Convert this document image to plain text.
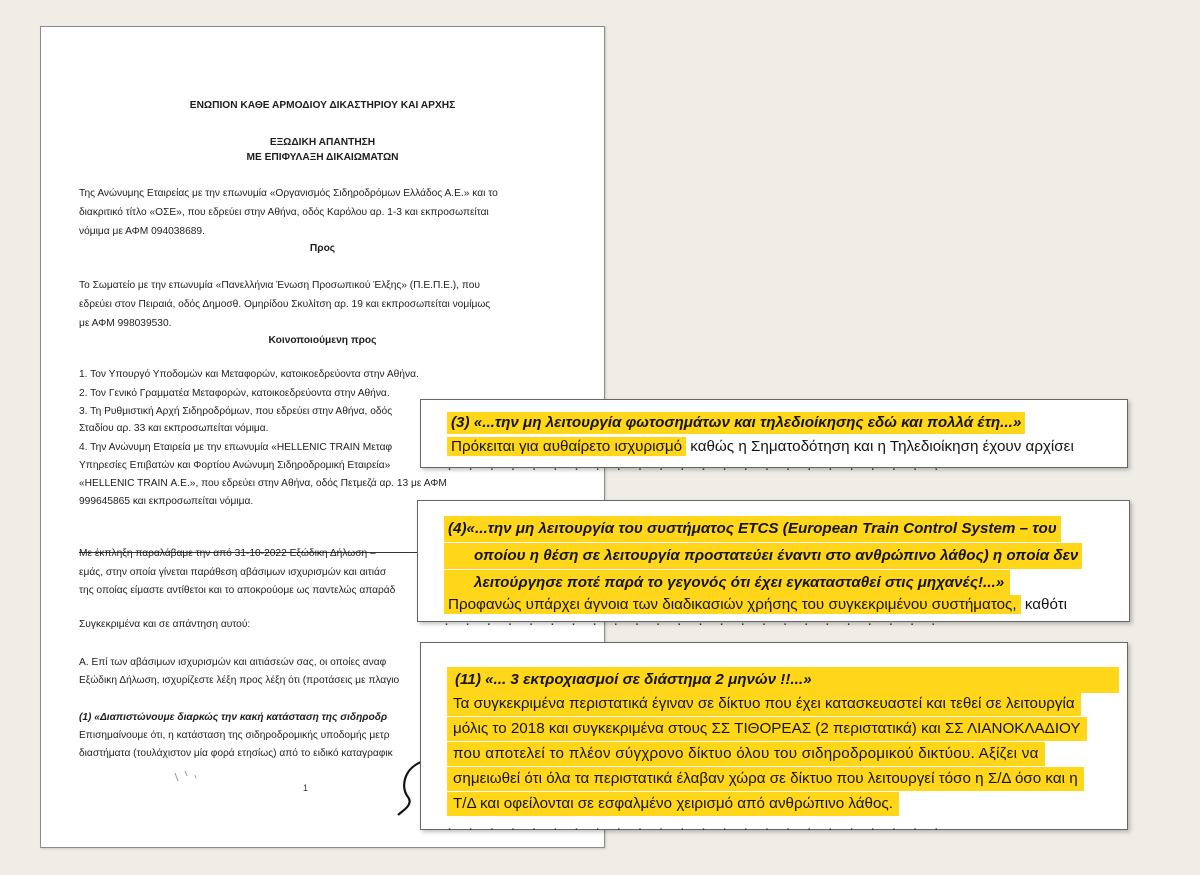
ΕΝΩΠΙΟΝ ΚΑΘΕ ΑΡΜΟΔΙΟΥ ΔΙΚΑΣΤΗΡΙΟΥ ΚΑΙ ΑΡΧΗΣ
ΕΞΩΔΙΚΗ ΑΠΑΝΤΗΣΗ
ΜΕ ΕΠΙΦΥΛΑΞΗ ΔΙΚΑΙΩΜΑΤΩΝ
Της Ανώνυμης Εταιρείας με την επωνυμία «Οργανισμός Σιδηροδρόμων Ελλάδος Α.Ε.» και το
διακριτικό τίτλο «ΟΣΕ», που εδρεύει στην Αθήνα, οδός Καρόλου αρ. 1-3 και εκπροσωπείται
νόμιμα με ΑΦΜ 094038689.
Προς
Το Σωματείο με την επωνυμία «Πανελλήνια Ένωση Προσωπικού Έλξης» (Π.Ε.Π.Ε.), που
εδρεύει στον Πειραιά, οδός Δημοσθ. Ομηρίδου Σκυλίτση αρ. 19 και εκπροσωπείται νομίμως
με ΑΦΜ 998039530.
Κοινοποιούμενη προς
1. Τον Υπουργό Υποδομών και Μεταφορών, κατοικοεδρεύοντα στην Αθήνα.
2. Τον Γενικό Γραμματέα Μεταφορών, κατοικοεδρεύοντα στην Αθήνα.
3. Τη Ρυθμιστική Αρχή Σιδηροδρόμων, που εδρεύει στην Αθήνα, οδός
Σταδίου αρ. 33 και εκπροσωπείται νόμιμα.
4. Την Ανώνυμη Εταιρεία με την επωνυμία «HELLENIC TRAIN Μεταφ
Υπηρεσίες Επιβατών και Φορτίου Ανώνυμη Σιδηροδρομική Εταιρεία»
«HELLENIC TRAIN Α.Ε.», που εδρεύει στην Αθήνα, οδός Πετμεζά αρ. 13 με ΑΦΜ
999645865 και εκπροσωπείται νόμιμα.
Με έκπληξη παραλάβαμε την από 31-10-2022 Εξώδικη Δήλωση –
εμάς, στην οποία γίνεται παράθεση αβάσιμων ισχυρισμών και αιτιάσ
της οποίας είμαστε αντίθετοι και το αποκρούομε ως παντελώς απαράδ
Συγκεκριμένα και σε απάντηση αυτού:
Α. Επί των αβάσιμων ισχυρισμών και αιτιάσεών σας, οι οποίες αναφ
Εξώδικη Δήλωση, ισχυρίζεστε λέξη προς λέξη ότι (προτάσεις με πλαγιο
(1) «Διαπιστώνουμε διαρκώς την κακή κατάσταση της σιδηροδρ
Επισημαίνουμε ότι, η κατάσταση της σιδηροδρομικής υποδομής μετρ
διαστήματα (τουλάχιστον μία φορά ετησίως) από το ειδικό καταγραφικ
1
(3) «...την μη λειτουργία φωτοσημάτων και τηλεδιοίκησης εδώ και πολλά έτη...»
Πρόκειται για αυθαίρετο ισχυρισμό καθώς η Σηματοδότηση και η Τηλεδιοίκηση έχουν αρχίσει
· · · · · · · · · · · · · · · · · · · · · · · ·
(4)«...την μη λειτουργία του συστήματος ETCS (European Train Control System – του
οποίου η θέση σε λειτουργία προστατεύει έναντι στο ανθρώπινο λάθος) η οποία δεν
λειτούργησε ποτέ παρά το γεγονός ότι έχει εγκατασταθεί στις μηχανές!...»
Προφανώς υπάρχει άγνοια των διαδικασιών χρήσης του συγκεκριμένου συστήματος, καθότι
· · · · · · · · · · · · · · · · · · · · · · · ·
(11) «... 3 εκτροχιασμοί σε διάστημα 2 μηνών !!...»
Τα συγκεκριμένα περιστατικά έγιναν σε δίκτυο που έχει κατασκευαστεί και τεθεί σε λειτουργία
μόλις το 2018 και συγκεκριμένα στους ΣΣ ΤΙΘΟΡΕΑΣ (2 περιστατικά) και ΣΣ ΛΙΑΝΟΚΛΑΔΙΟΥ
που αποτελεί το πλέον σύγχρονο δίκτυο όλου του σιδηροδρομικού δικτύου. Αξίζει να
σημειωθεί ότι όλα τα περιστατικά έλαβαν χώρα σε δίκτυο που λειτουργεί τόσο η Σ/Δ όσο και η
Τ/Δ και οφείλονται σε εσφαλμένο χειρισμό από ανθρώπινο λάθος.
· · · · · · · · · · · · · · · · · · · · · · · ·
